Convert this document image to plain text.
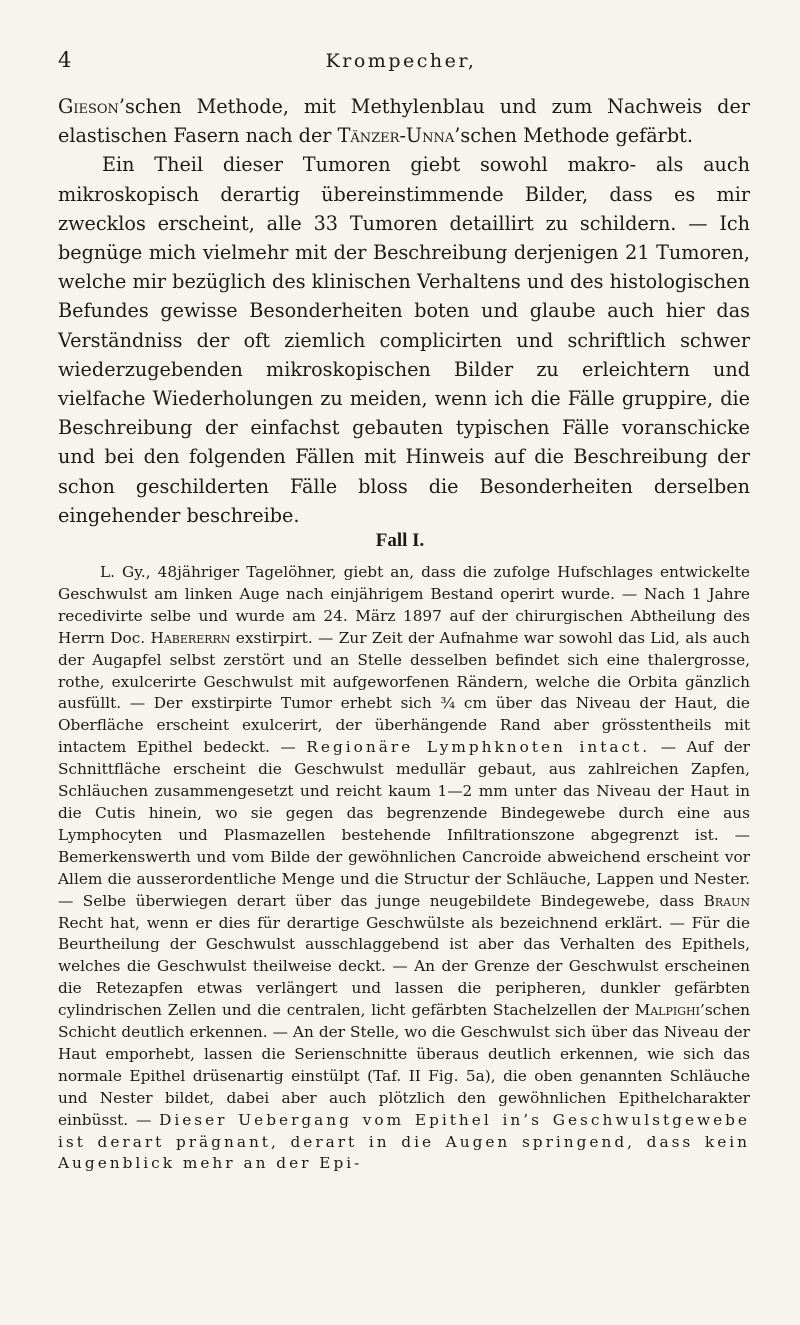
4	Krompecher,

Gieson’schen Methode, mit Methylenblau und zum Nachweis der elastischen Fasern nach der Tänzer-Unna’schen Methode gefärbt.

Ein Theil dieser Tumoren giebt sowohl makro- als auch mikroskopisch derartig übereinstimmende Bilder, dass es mir zwecklos erscheint, alle 33 Tumoren detaillirt zu schildern. — Ich begnüge mich vielmehr mit der Beschreibung derjenigen 21 Tumoren, welche mir bezüglich des klinischen Verhaltens und des histologischen Befundes gewisse Besonderheiten boten und glaube auch hier das Verständniss der oft ziemlich complicirten und schriftlich schwer wiederzugebenden mikroskopischen Bilder zu erleichtern und vielfache Wiederholungen zu meiden, wenn ich die Fälle gruppire, die Beschreibung der einfachst gebauten typischen Fälle voranschicke und bei den folgenden Fällen mit Hinweis auf die Beschreibung der schon geschilderten Fälle bloss die Besonderheiten derselben eingehender beschreibe.

Fall I.

L. Gy., 48jähriger Tagelöhner, giebt an, dass die zufolge Hufschlages entwickelte Geschwulst am linken Auge nach einjährigem Bestand operirt wurde. — Nach 1 Jahre recedivirte selbe und wurde am 24. März 1897 auf der chirurgischen Abtheilung des Herrn Doc. Habererrn exstirpirt. — Zur Zeit der Aufnahme war sowohl das Lid, als auch der Augapfel selbst zerstört und an Stelle desselben befindet sich eine thalergrosse, rothe, exulcerirte Geschwulst mit aufgeworfenen Rändern, welche die Orbita gänzlich ausfüllt. — Der exstirpirte Tumor erhebt sich ¾ cm über das Niveau der Haut, die Oberfläche erscheint exulcerirt, der überhängende Rand aber grösstentheils mit intactem Epithel bedeckt. — Regionäre Lymphknoten intact. — Auf der Schnittfläche erscheint die Geschwulst medullär gebaut, aus zahlreichen Zapfen, Schläuchen zusammengesetzt und reicht kaum 1—2 mm unter das Niveau der Haut in die Cutis hinein, wo sie gegen das begrenzende Bindegewebe durch eine aus Lymphocyten und Plasmazellen bestehende Infiltrationszone abgegrenzt ist. — Bemerkenswerth und vom Bilde der gewöhnlichen Cancroide abweichend erscheint vor Allem die ausserordentliche Menge und die Structur der Schläuche, Lappen und Nester. — Selbe überwiegen derart über das junge neugebildete Bindegewebe, dass Braun Recht hat, wenn er dies für derartige Geschwülste als bezeichnend erklärt. — Für die Beurtheilung der Geschwulst ausschlaggebend ist aber das Verhalten des Epithels, welches die Geschwulst theilweise deckt. — An der Grenze der Geschwulst erscheinen die Retezapfen etwas verlängert und lassen die peripheren, dunkler gefärbten cylindrischen Zellen und die centralen, licht gefärbten Stachelzellen der Malpighi’schen Schicht deutlich erkennen. — An der Stelle, wo die Geschwulst sich über das Niveau der Haut emporhebt, lassen die Serienschnitte überaus deutlich erkennen, wie sich das normale Epithel drüsenartig einstülpt (Taf. II Fig. 5a), die oben genannten Schläuche und Nester bildet, dabei aber auch plötzlich den gewöhnlichen Epithelcharakter einbüsst. — Dieser Uebergang vom Epithel in’s Geschwulstgewebe ist derart prägnant, derart in die Augen springend, dass kein Augenblick mehr an der Epi-
